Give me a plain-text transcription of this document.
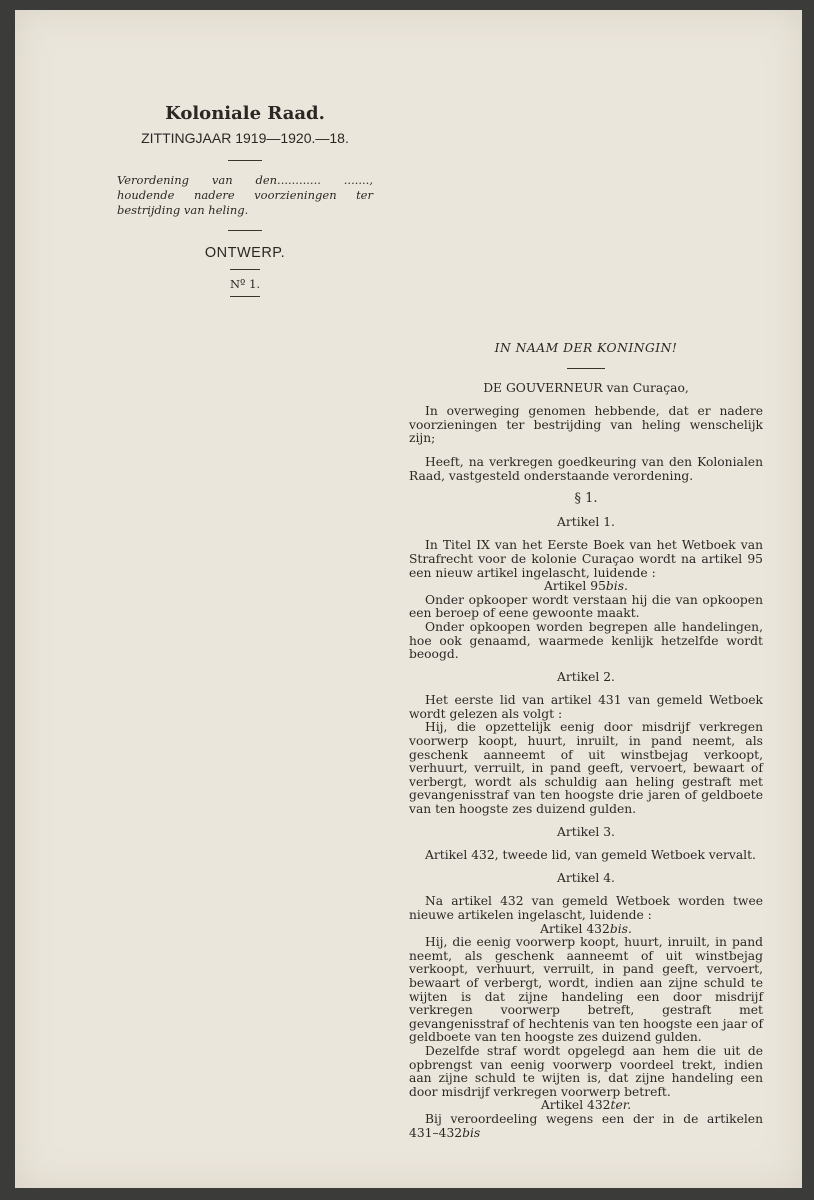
Koloniale Raad.
ZITTINGJAAR 1919—1920.—18.
Verordening van den............ ......., houdende nadere voorzieningen ter bestrijding van heling.
ONTWERP.
Nº 1.
IN NAAM DER KONINGIN!
DE GOUVERNEUR van Curaçao,

In overweging genomen hebbende, dat er nadere voorzieningen ter bestrijding van heling wenschelijk zijn;

Heeft, na verkregen goedkeuring van den Kolonialen Raad, vastgesteld onderstaande verordening.

§ 1.
Artikel 1.

In Titel IX van het Eerste Boek van het Wetboek van Strafrecht voor de kolonie Curaçao wordt na artikel 95 een nieuw artikel ingelascht, luidende :

Artikel 95bis.

Onder opkooper wordt verstaan hij die van opkoopen een beroep of eene gewoonte maakt.

Onder opkoopen worden begrepen alle handelingen, hoe ook genaamd, waarmede kenlijk hetzelfde wordt beoogd.

Artikel 2.

Het eerste lid van artikel 431 van gemeld Wetboek wordt gelezen als volgt :

Hij, die opzettelijk eenig door misdrijf verkregen voorwerp koopt, huurt, inruilt, in pand neemt, als geschenk aanneemt of uit winstbejag verkoopt, verhuurt, verruilt, in pand geeft, vervoert, bewaart of verbergt, wordt als schuldig aan heling gestraft met gevangenisstraf van ten hoogste drie jaren of geldboete van ten hoogste zes duizend gulden.

Artikel 3.

Artikel 432, tweede lid, van gemeld Wetboek vervalt.

Artikel 4.

Na artikel 432 van gemeld Wetboek worden twee nieuwe artikelen ingelascht, luidende :

Artikel 432bis.

Hij, die eenig voorwerp koopt, huurt, inruilt, in pand neemt, als geschenk aanneemt of uit winstbejag verkoopt, verhuurt, verruilt, in pand geeft, vervoert, bewaart of verbergt, wordt, indien aan zijne schuld te wijten is dat zijne handeling een door misdrijf verkregen voorwerp betreft, gestraft met gevangenisstraf of hechtenis van ten hoogste een jaar of geldboete van ten hoogste zes duizend gulden.

Dezelfde straf wordt opgelegd aan hem die uit de opbrengst van eenig voorwerp voordeel trekt, indien aan zijne schuld te wijten is, dat zijne handeling een door misdrijf verkregen voorwerp betreft.

Artikel 432ter.

Bij veroordeeling wegens een der in de artikelen 431–432bis
